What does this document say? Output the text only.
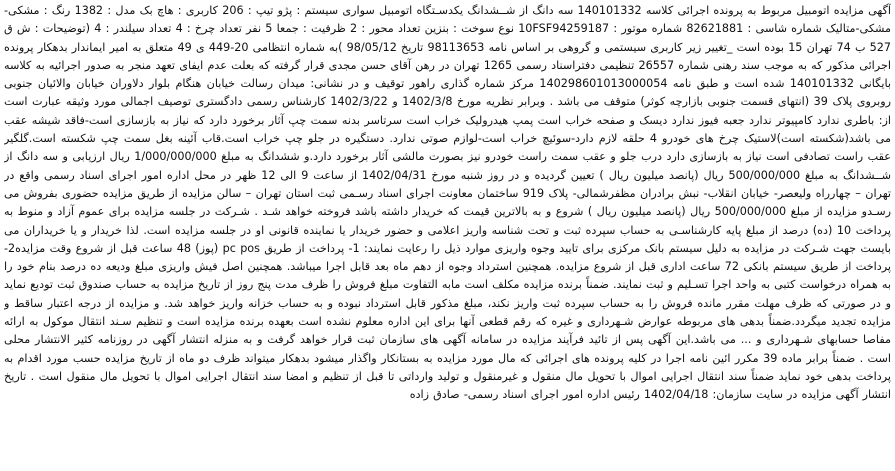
آگهی مزایده اتومبیل مربوط به پرونده اجرائی کلاسه 140101332 سه دانگ از شــشدانگ یکدسـتگاه اتومبیل سواری سیستم : پژو تیپ : 206 کاربری : هاچ بک مدل : 1382 رنگ : مشکی-مشکی-متالیک شماره شاسی : 82621881 شماره موتور : 10FSF94259187 نوع سوخت : بنزین تعداد محور : 2 ظرفیت : جمعا 5 نفر تعداد چرخ : 4 تعداد سیلندر : 4 (توضیحات : ش ق 527 ب 74 تهران 15 بوده است _تغییر زیر کاربری سیستمی و گروهی بر اساس نامه 98113653 تاریخ 98/05/12 )به شماره انتظامی 20-449 ی 49 متعلق به امیر ایماندار بدهکار پرونده اجرائی مذکور که به موجب سند رهنی شماره 26557 تنظیمی دفتراسناد رسمی 1265 تهران در رهن آقای حسن مجدی قرار گرفته که بعلت عدم ایفای تعهد منجر به صدور اجرائیه به کلاسه بایگانی 140101332 شده است و طبق نامه 140298601013000054 مرکز شماره گذاری راهور توقیف و در نشانی: میدان رسالت خیابان هنگام بلوار دلاوران خیابان والائیان جنوبی روبروی پلاک 39 (انتهای قسمت جنوبی بازارچه کوثر) متوقف می باشد . وبرابر نظریه مورخ 1402/3/8 و 1402/3/22 کارشناس رسمی دادگستری توصیف اجمالی مورد وثیقه عبارت است از: باطری ندارد کامپیوتر ندارد جعبه فیوز ندارد دیسک و صفحه خراب است پمپ هیدرولیک خراب است سرتاسر بدنه سمت چپ آثار برخورد دارد که نیاز به بازسازی است-فاقد شیشه عقب می باشد(شکسته است)لاستیک چرخ های خودرو 4 حلقه لازم دارد-سوئیچ خراب است-لوازم صوتی ندارد. دستگیره در جلو چپ خراب است.قاب آئینه بغل سمت چپ شکسته است.گلگیر عقب راست تصادفی است نیاز به بازسازی دارد درب جلو و عقب سمت راست خودرو نیز بصورت مالشی آثار برخورد دارد.و ششدانگ به مبلغ 1/000/000/000 ریال ارزیابی و سه دانگ از شــشدانگ به مبلغ 500/000/000 ریال (پانصد میلیون ریال ) تعیین گردیده و در روز شنبه مورخ 1402/04/31 از ساعت 9 الی 12 ظهر در محل اداره امور اجرای اسناد رسمی واقع در تهران – چهارراه ولیعصر- خیابان انقلاب- نبش برادران مظفرشمالی- پلاک 919 ساختمان معاونت اجرای اسناد رسـمی ثبت استان تهران – سالن مزایده از طریق مزایده حضوری بفروش می رسـدو مزایده از مبلغ 500/000/000 ریال (پانصد میلیون ریال ) شروع و به بالاترین قیمت که خریدار داشته باشد فروخته خواهد شـد . شـرکت در جلسه مزایده برای عموم آزاد و منوط به پرداخت 10 (ده) درصد از مبلغ پایه کارشناسـی به حساب سپرده ثبت و تحت شناسه واریز اعلامی و حضور خریدار یا نماینده قانونی او در جلسه مزایده است. لذا خریدار و یا خریداران می بایست جهت شـرکت در مزایده به دلیل سیستم بانک مرکزی برای تایید وجوه واریزی موارد ذیل را رعایت نمایند: 1- پرداخت از طریق pc pos (پوز) 48 ساعت قبل از شروع وقت مزایده2- پرداخت از طریق سیستم بانکی 72 ساعت اداری قبل از شروع مزایده. همچنین استرداد وجوه از دهم ماه بعد قابل اجرا میباشد. همچنین اصل فیش واریزی مبلغ ودیعه ده درصد بنام خود را به همراه درخواست کتبی به واحد اجرا تسـلیم و ثبت نمایند. ضمناً برنده مزایده مکلف است مابه التفاوت مبلغ فروش را ظرف مدت پنج روز از تاریخ مزایده به حساب صندوق ثبت تودیع نماید و در صورتی که ظرف مهلت مقرر مانده فروش را به حساب سپرده ثبت واریز نکند، مبلغ مذکور قابل استرداد نبوده و به حساب خزانه واریز خواهد شد. و مزایده از درجه اعتبار ساقط و مزایده تجدید میگردد.ضمناً بدهی های مربوطه عوارض شـهرداری و غیره که رقم قطعی آنها برای این اداره معلوم نشده است بعهده برنده مزایده است و تنظیم سـند انتقال موکول به ارائه مفاصا حسابهای شـهرداری و ... می باشد.این آگهی پس از تائید فرآیند مزایده در سامانه آگهی های سازمان ثبت قرار خواهد گرفت و به منزله انتشار آگهی در روزنامه کثیر الانتشار محلی است . ضمناً برابر ماده 39 مکرر ائین نامه اجرا در کلیه پرونده های اجرائی که مال مورد مزایده به بستانکار واگذار میشود بدهکار میتواند ظرف دو ماه از تاریخ مزایده حسب مورد اقدام به پرداخت بدهی خود نماید ضمناً سند انتقال اجرایی اموال با تحویل مال منقول و غیرمنقول و تولید وارداتی تا قبل از تنظیم و امضا سند انتقال اجرایی اموال با تحویل مال منقول است . تاریخ انتشار آگهی مزایده در سایت سازمان: 1402/04/18 رئیس اداره امور اجرای اسناد رسمی- صادق زاده
